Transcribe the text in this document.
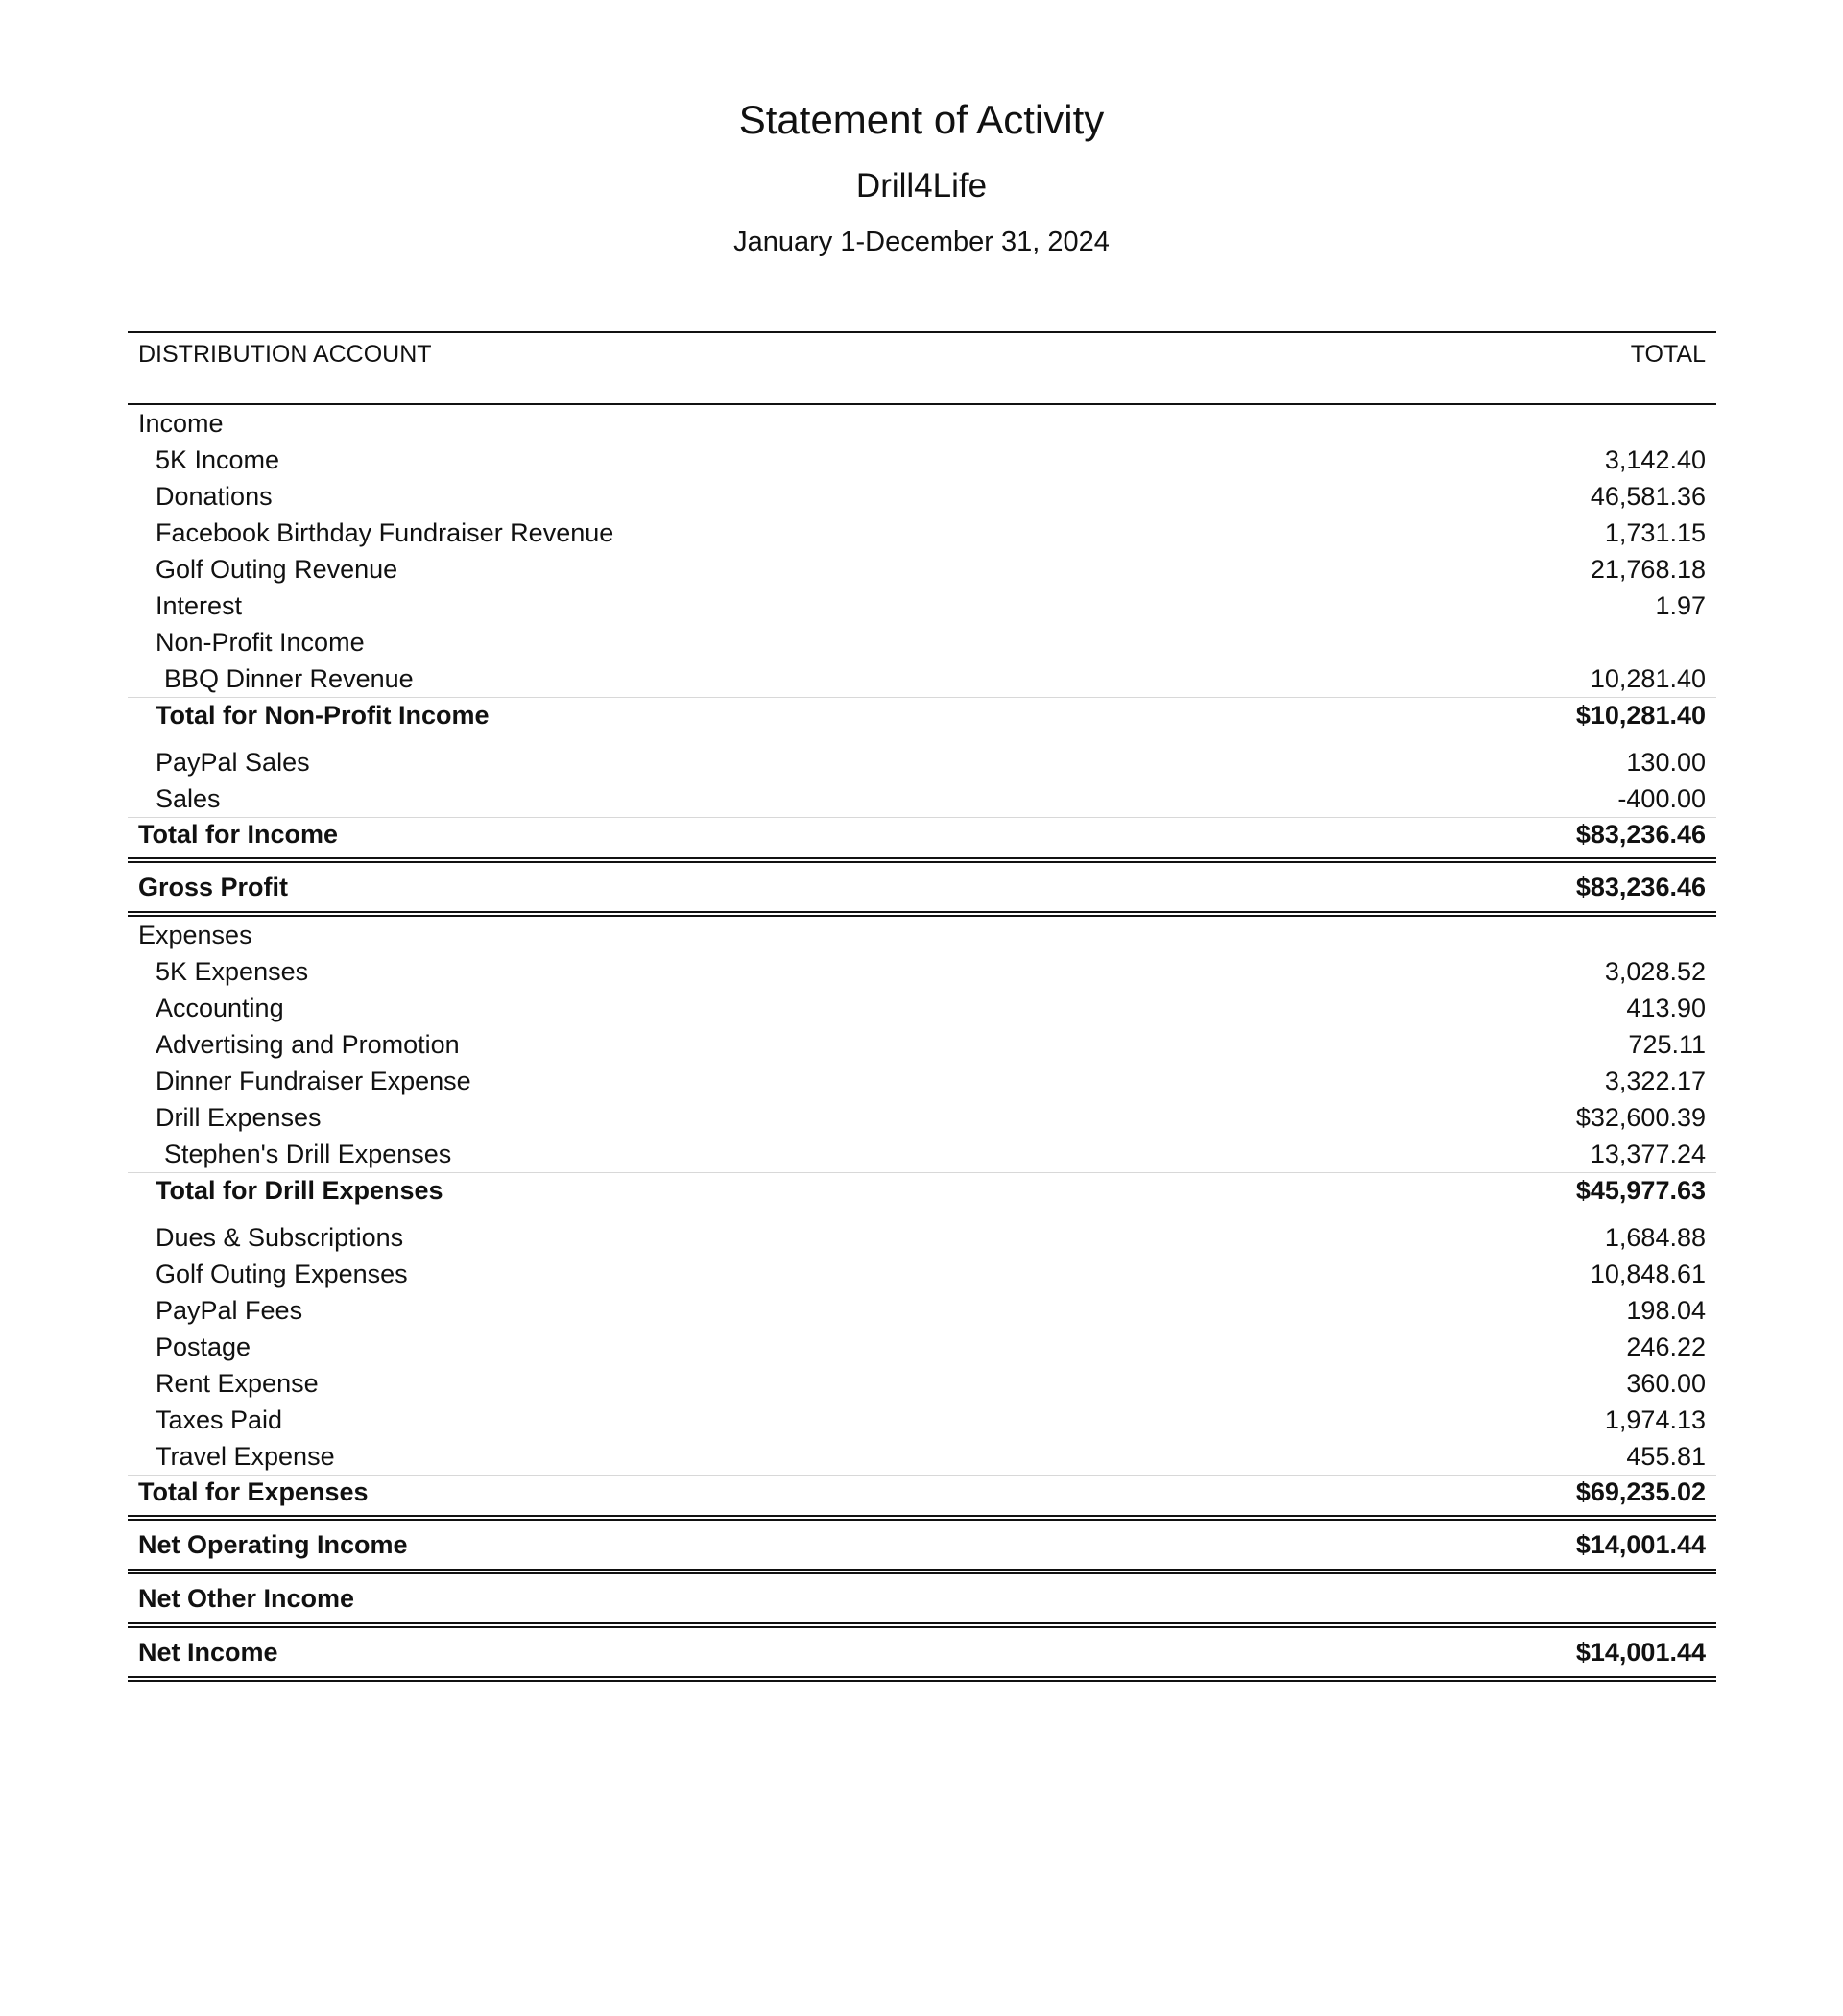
Statement of Activity
Drill4Life
January 1-December 31, 2024
DISTRIBUTION ACCOUNT	TOTAL
Income
5K Income	3,142.40
Donations	46,581.36
Facebook Birthday Fundraiser Revenue	1,731.15
Golf Outing Revenue	21,768.18
Interest	1.97
Non-Profit Income
BBQ Dinner Revenue	10,281.40
Total for Non-Profit Income	$10,281.40
PayPal Sales	130.00
Sales	-400.00
Total for Income	$83,236.46
Gross Profit	$83,236.46
Expenses
5K Expenses	3,028.52
Accounting	413.90
Advertising and Promotion	725.11
Dinner Fundraiser Expense	3,322.17
Drill Expenses	$32,600.39
Stephen's Drill Expenses	13,377.24
Total for Drill Expenses	$45,977.63
Dues & Subscriptions	1,684.88
Golf Outing Expenses	10,848.61
PayPal Fees	198.04
Postage	246.22
Rent Expense	360.00
Taxes Paid	1,974.13
Travel Expense	455.81
Total for Expenses	$69,235.02
Net Operating Income	$14,001.44
Net Other Income
Net Income	$14,001.44
